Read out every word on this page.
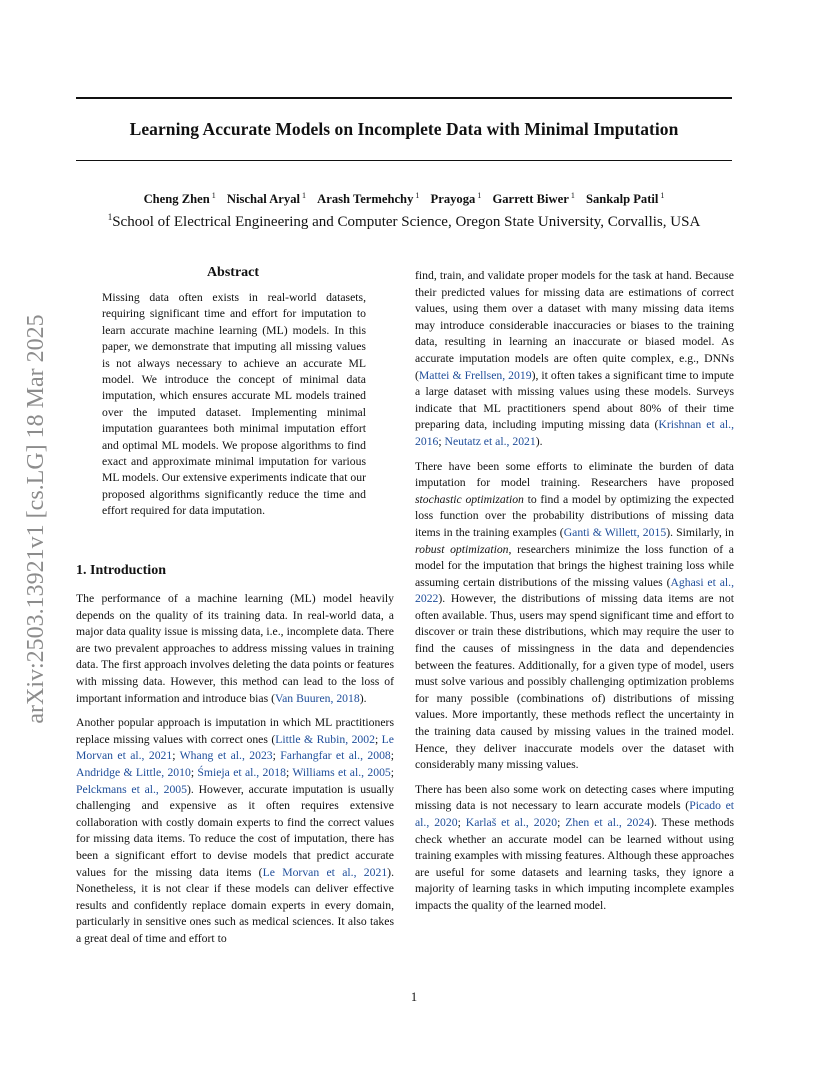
Learning Accurate Models on Incomplete Data with Minimal Imputation
Cheng Zhen $^1$ Nischal Aryal $^1$ Arash Termehchy $^1$ Prayoga $^1$ Garrett Biwer $^1$ Sankalp Patil $^1$
$^1$School of Electrical Engineering and Computer Science, Oregon State University, Corvallis, USA
arXiv:2503.13921v1 [cs.LG] 18 Mar 2025
Abstract
Missing data often exists in real-world datasets, requiring significant time and effort for imputation to learn accurate machine learning (ML) models. In this paper, we demonstrate that imputing all missing values is not always necessary to achieve an accurate ML model. We introduce the concept of minimal data imputation, which ensures accurate ML models trained over the imputed dataset. Implementing minimal imputation guarantees both minimal imputation effort and optimal ML models. We propose algorithms to find exact and approximate minimal imputation for various ML models. Our extensive experiments indicate that our proposed algorithms significantly reduce the time and effort required for data imputation.
1. Introduction

The performance of a machine learning (ML) model heavily depends on the quality of its training data. In real-world data, a major data quality issue is missing data, i.e., incomplete data. There are two prevalent approaches to address missing values in training data. The first approach involves deleting the data points or features with missing data. However, this method can lead to the loss of important information and introduce bias (Van Buuren, 2018).

Another popular approach is imputation in which ML practitioners replace missing values with correct ones (Little & Rubin, 2002; Le Morvan et al., 2021; Whang et al., 2023; Farhangfar et al., 2008; Andridge & Little, 2010; Śmieja et al., 2018; Williams et al., 2005; Pelckmans et al., 2005). However, accurate imputation is usually challenging and expensive as it often requires extensive collaboration with costly domain experts to find the correct values for missing data items. To reduce the cost of imputation, there has been a significant effort to devise models that predict accurate values for the missing data items (Le Morvan et al., 2021). Nonetheless, it is not clear if these models can deliver effective results and confidently replace domain experts in every domain, particularly in sensitive ones such as medical sciences. It also takes a great deal of time and effort to

find, train, and validate proper models for the task at hand. Because their predicted values for missing data are estimations of correct values, using them over a dataset with many missing data items may introduce considerable inaccuracies or biases to the training data, resulting in learning an inaccurate or biased model. As accurate imputation models are often quite complex, e.g., DNNs (Mattei & Frellsen, 2019), it often takes a significant time to impute a large dataset with missing values using these models. Surveys indicate that ML practitioners spend about 80% of their time preparing data, including imputing missing data (Krishnan et al., 2016; Neutatz et al., 2021).

There have been some efforts to eliminate the burden of data imputation for model training. Researchers have proposed stochastic optimization to find a model by optimizing the expected loss function over the probability distributions of missing data items in the training examples (Ganti & Willett, 2015). Similarly, in robust optimization, researchers minimize the loss function of a model for the imputation that brings the highest training loss while assuming certain distributions of the missing values (Aghasi et al., 2022). However, the distributions of missing data items are not often available. Thus, users may spend significant time and effort to discover or train these distributions, which may require the user to find the causes of missingness in the data and dependencies between the features. Additionally, for a given type of model, users must solve various and possibly challenging optimization problems for many possible (combinations of) distributions of missing values. More importantly, these methods reflect the uncertainty in the training data caused by missing values in the trained model. Hence, they deliver inaccurate models over the dataset with considerably many missing values.

There has been also some work on detecting cases where imputing missing data is not necessary to learn accurate models (Picado et al., 2020; Karlaš et al., 2020; Zhen et al., 2024). These methods check whether an accurate model can be learned without using training examples with missing features. Although these approaches are useful for some datasets and learning tasks, they ignore a majority of learning tasks in which imputing incomplete examples impacts the quality of the learned model.

1
